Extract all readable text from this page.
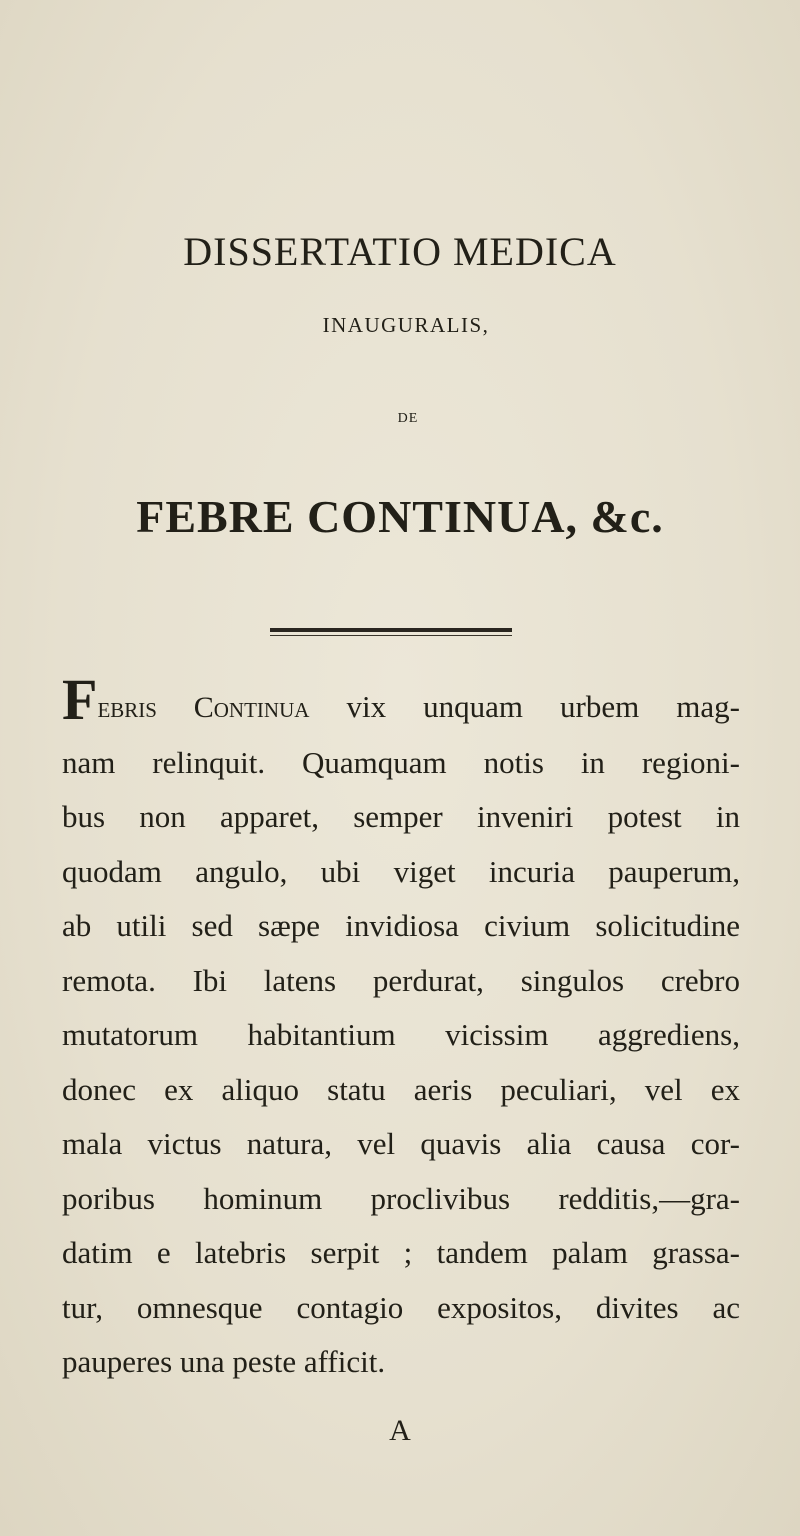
DISSERTATIO MEDICA
INAUGURALIS,
DE
FEBRE CONTINUA, &c.
Febris Continua vix unquam urbem mag-
nam relinquit. Quamquam notis in regioni-
bus non apparet, semper inveniri potest in
quodam angulo, ubi viget incuria pauperum,
ab utili sed sæpe invidiosa civium solicitudine
remota. Ibi latens perdurat, singulos crebro
mutatorum habitantium vicissim aggrediens,
donec ex aliquo statu aeris peculiari, vel ex
mala victus natura, vel quavis alia causa cor-
poribus hominum proclivibus redditis,—gra-
datim e latebris serpit ; tandem palam grassa-
tur, omnesque contagio expositos, divites ac
pauperes una peste afficit.
A
